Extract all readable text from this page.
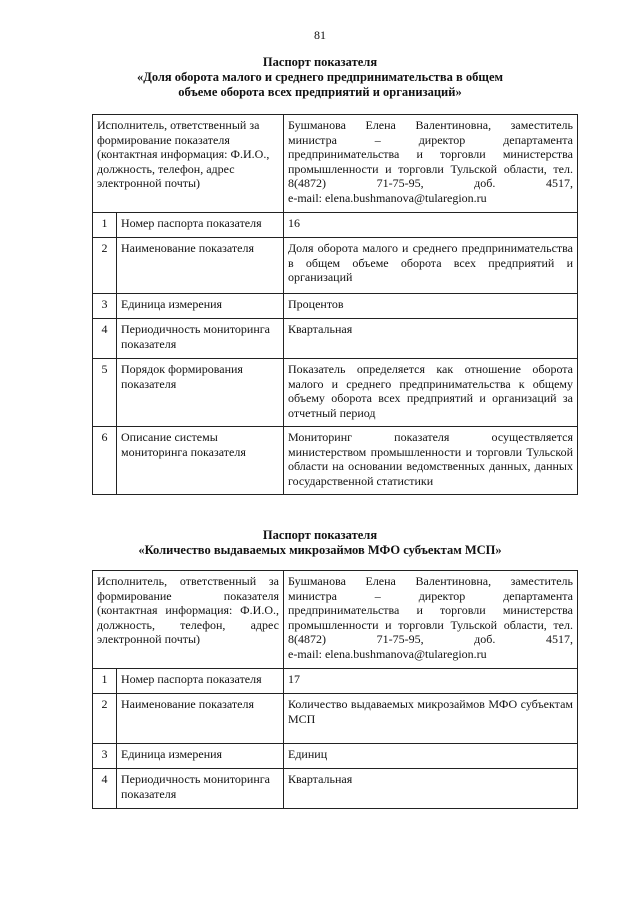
81
Паспорт показателя
«Доля оборота малого и среднего предпринимательства в общем
объеме оборота всех предприятий и организаций»
Исполнитель, ответственный за формирование показателя (контактная информация: Ф.И.О., должность, телефон, адрес электронной почты)		Бушманова Елена Валентиновна, заместитель министра – директор департамента предпринимательства и торговли министерства промышленности и торговли Тульской области, тел. 8(4872) 71-75-95, доб. 4517,
e-mail: elena.bushmanova@tularegion.ru

1	Номер паспорта показателя	16
2	Наименование показателя	Доля оборота малого и среднего предпринимательства в общем объеме оборота всех предприятий и организаций
3	Единица измерения	Процентов
4	Периодичность мониторинга показателя	Квартальная
5	Порядок формирования показателя	Показатель определяется как отношение оборота малого и среднего предпринимательства к общему объему оборота всех предприятий и организаций за отчетный период
6	Описание системы мониторинга показателя	Мониторинг показателя осуществляется министерством промышленности и торговли Тульской области на основании ведомственных данных, данных государственной статистики
Паспорт показателя
«Количество выдаваемых микрозаймов МФО субъектам МСП»
Исполнитель, ответственный за формирование показателя (контактная информация: Ф.И.О., должность, телефон, адрес электронной почты)		Бушманова Елена Валентиновна, заместитель министра – директор департамента предпринимательства и торговли министерства промышленности и торговли Тульской области, тел. 8(4872) 71-75-95, доб. 4517,
e-mail: elena.bushmanova@tularegion.ru

1	Номер паспорта показателя	17
2	Наименование показателя	Количество выдаваемых микрозаймов МФО субъектам МСП
3	Единица измерения	Единиц
4	Периодичность мониторинга показателя	Квартальная
